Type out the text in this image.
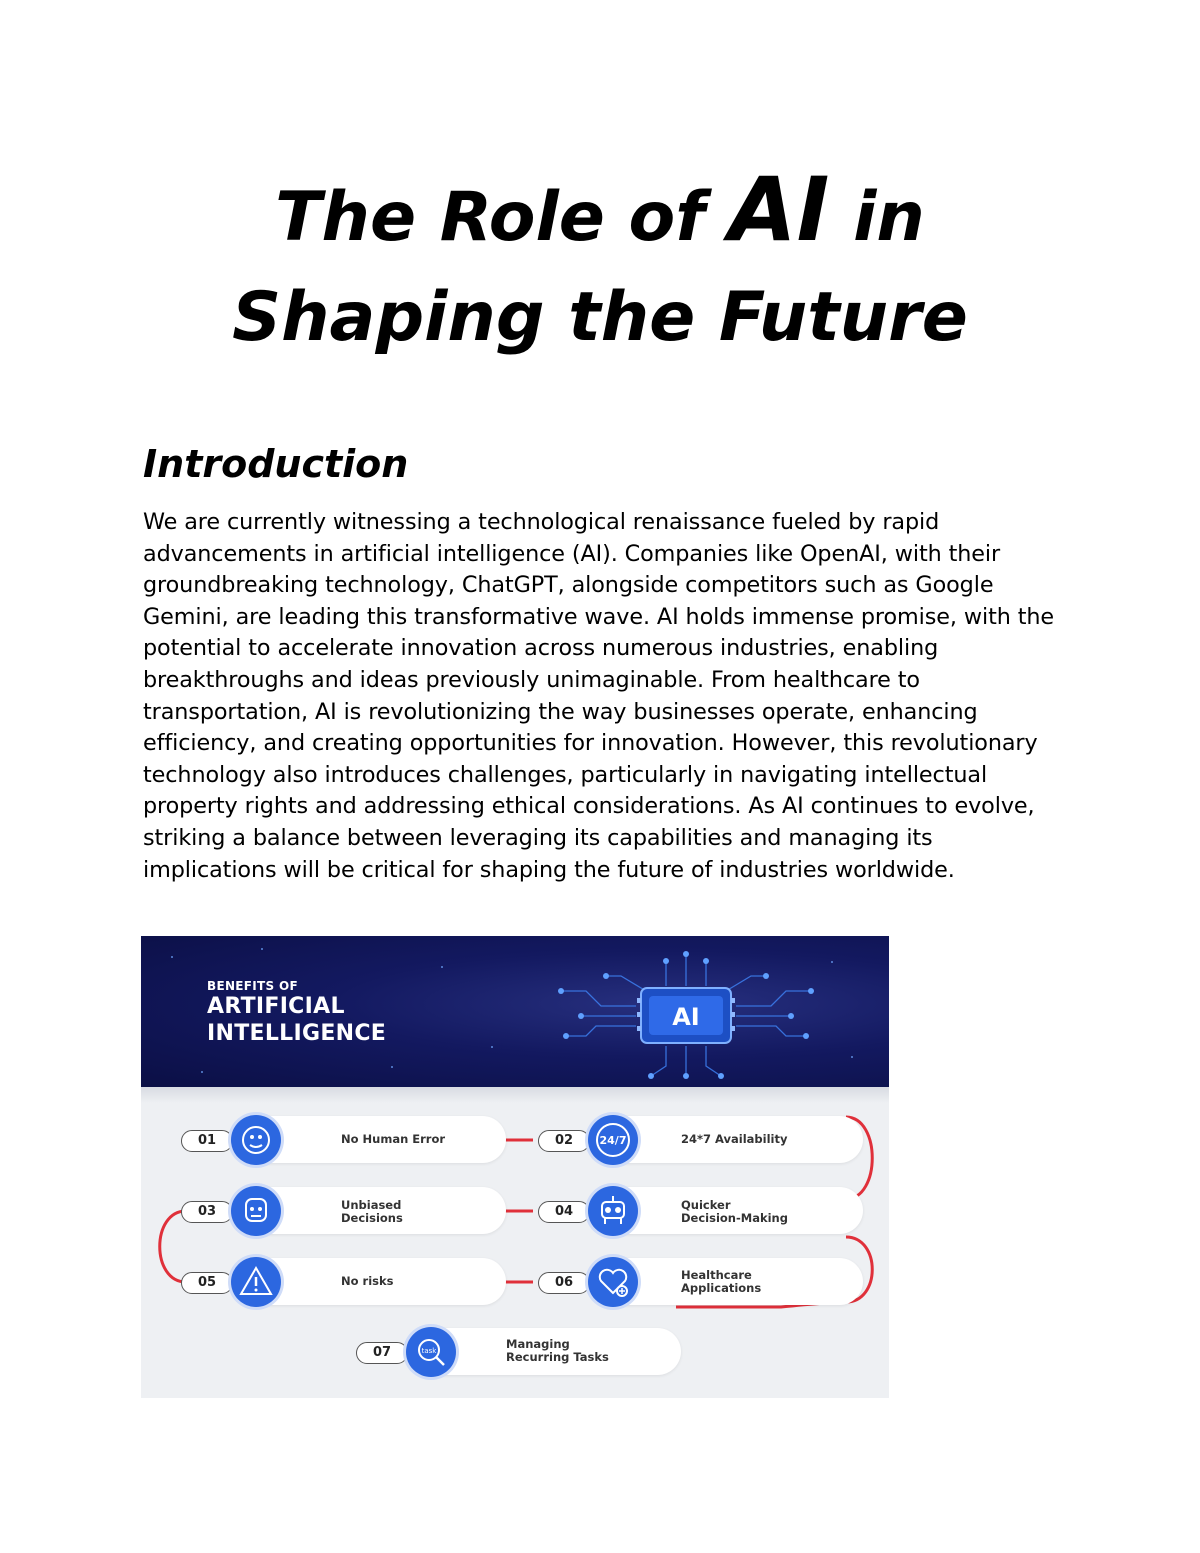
The Role of AI in
Shaping the Future
Introduction

We are currently witnessing a technological renaissance fueled by rapid advancements in artificial intelligence (AI). Companies like OpenAI, with their groundbreaking technology, ChatGPT, alongside competitors such as Google Gemini, are leading this transformative wave. AI holds immense promise, with the potential to accelerate innovation across numerous industries, enabling breakthroughs and ideas previously unimaginable. From healthcare to transportation, AI is revolutionizing the way businesses operate, enhancing efficiency, and creating opportunities for innovation. However, this revolutionary technology also introduces challenges, particularly in navigating intellectual property rights and addressing ethical considerations. As AI continues to evolve, striking a balance between leveraging its capabilities and managing its implications will be critical for shaping the future of industries worldwide.

BENEFITS OF
ARTIFICIAL
INTELLIGENCE
AI
01	No Human Error	02	24/7	24*7 Availability
03	Unbiased
Decisions	04	Quicker
Decision-Making
05	No risks	06	Healthcare
Applications
07	task	Managing
Recurring Tasks
